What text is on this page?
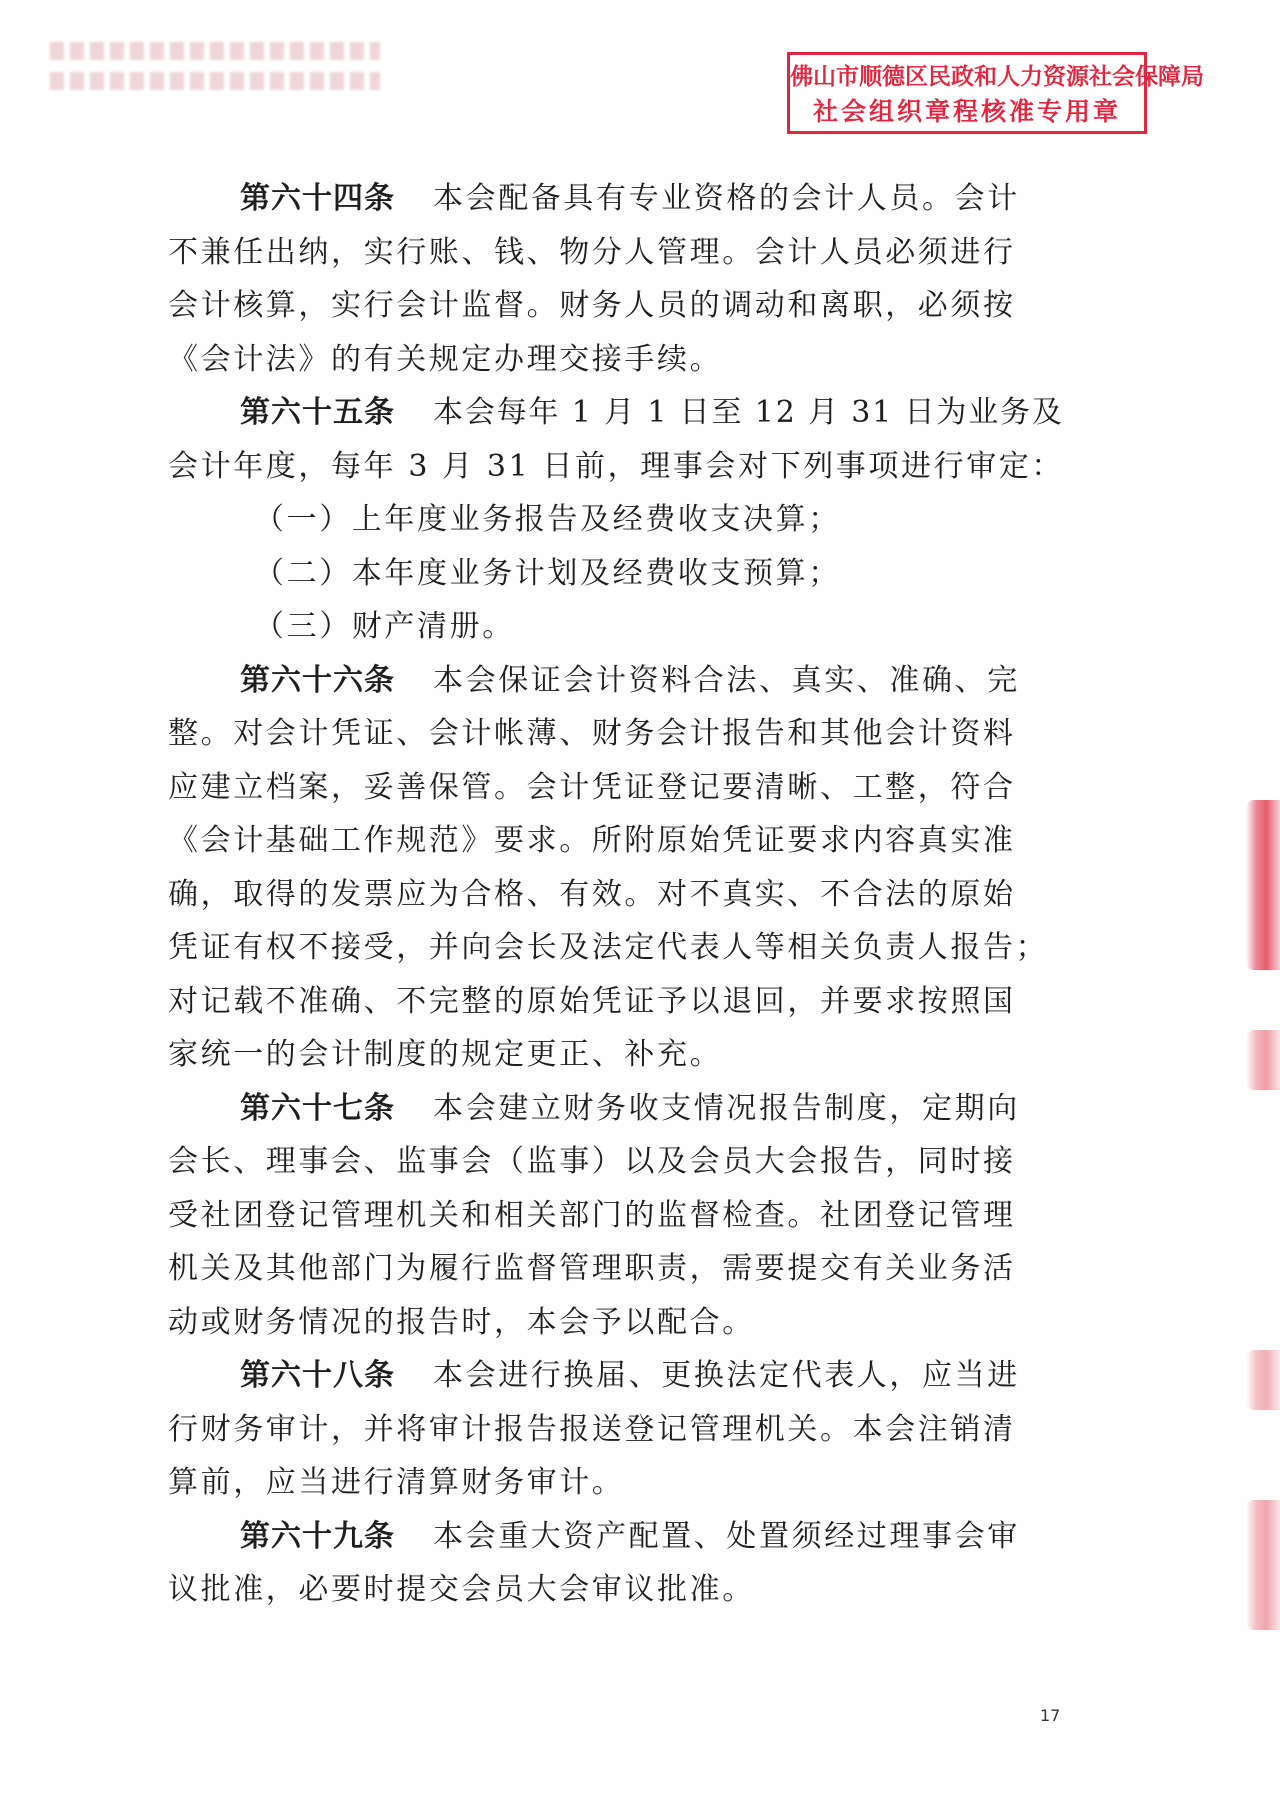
佛山市顺德区民政和人力资源社会保障局
社会组织章程核准专用章
第六十四条 本会配备具有专业资格的会计人员。会计
不兼任出纳，实行账、钱、物分人管理。会计人员必须进行
会计核算，实行会计监督。财务人员的调动和离职，必须按
《会计法》的有关规定办理交接手续。
第六十五条 本会每年 1 月 1 日至 12 月 31 日为业务及
会计年度，每年 3 月 31 日前，理事会对下列事项进行审定：
（一）上年度业务报告及经费收支决算；
（二）本年度业务计划及经费收支预算；
（三）财产清册。
第六十六条 本会保证会计资料合法、真实、准确、完
整。对会计凭证、会计帐薄、财务会计报告和其他会计资料
应建立档案，妥善保管。会计凭证登记要清晰、工整，符合
《会计基础工作规范》要求。所附原始凭证要求内容真实准
确，取得的发票应为合格、有效。对不真实、不合法的原始
凭证有权不接受，并向会长及法定代表人等相关负责人报告；
对记载不准确、不完整的原始凭证予以退回，并要求按照国
家统一的会计制度的规定更正、补充。
第六十七条 本会建立财务收支情况报告制度，定期向
会长、理事会、监事会（监事）以及会员大会报告，同时接
受社团登记管理机关和相关部门的监督检查。社团登记管理
机关及其他部门为履行监督管理职责，需要提交有关业务活
动或财务情况的报告时，本会予以配合。
第六十八条 本会进行换届、更换法定代表人，应当进
行财务审计，并将审计报告报送登记管理机关。本会注销清
算前，应当进行清算财务审计。
第六十九条 本会重大资产配置、处置须经过理事会审
议批准，必要时提交会员大会审议批准。
17
